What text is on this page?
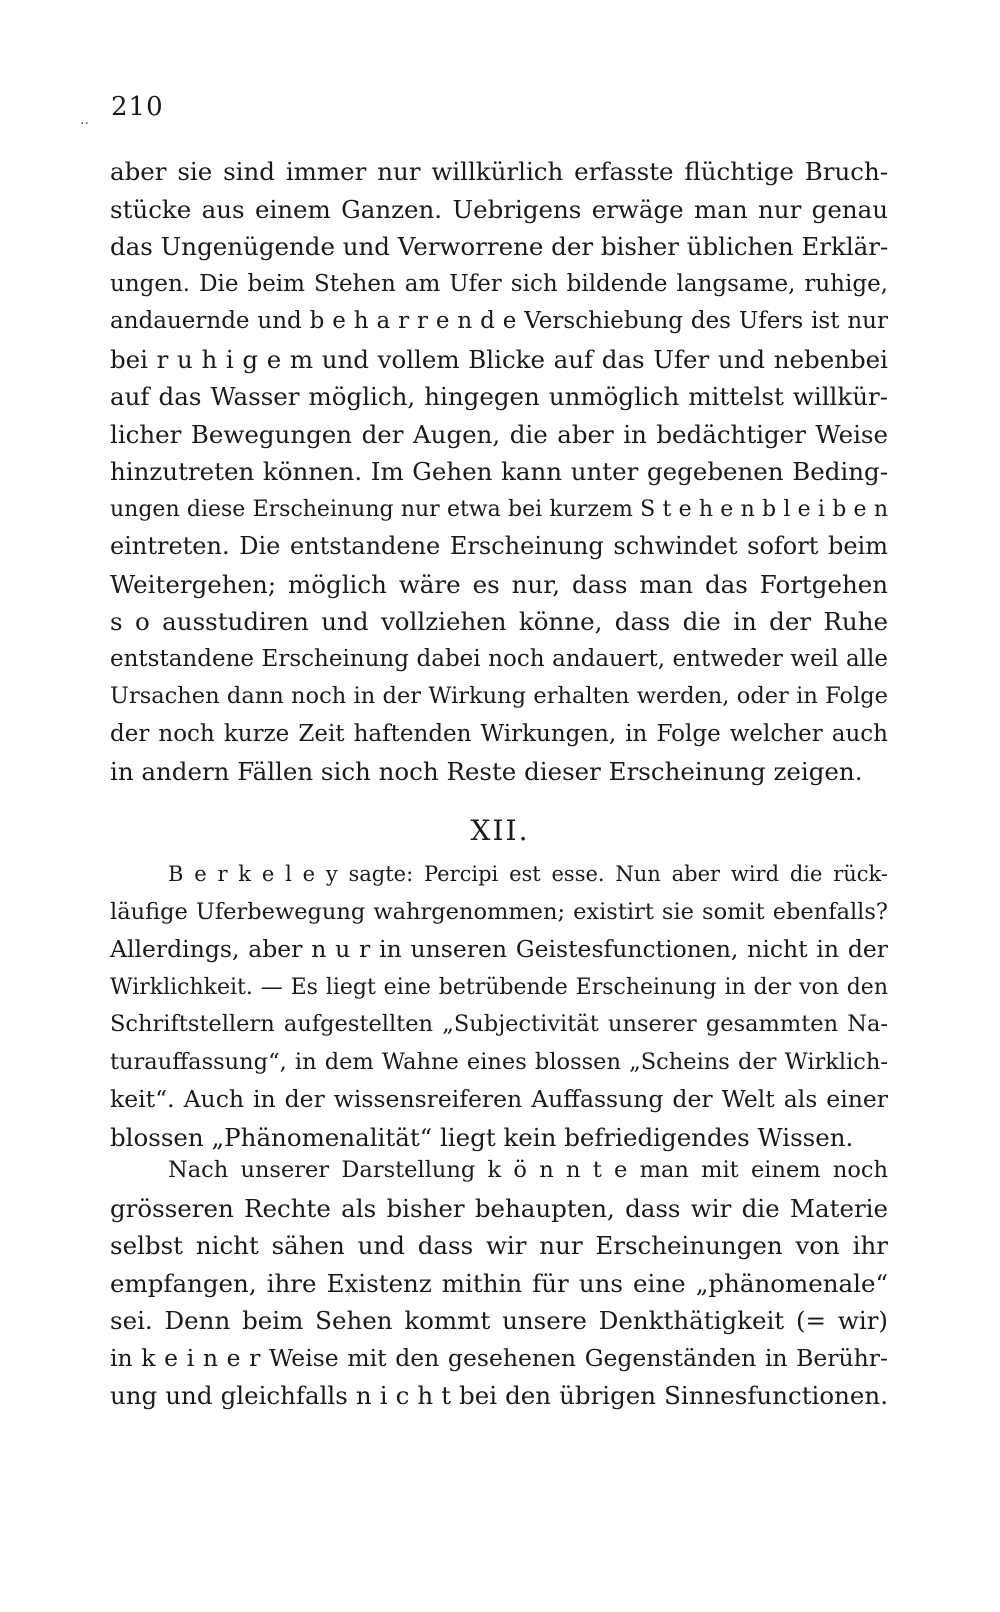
210
..
aber sie sind immer nur willkürlich erfasste flüchtige Bruch-
stücke aus einem Ganzen. Uebrigens erwäge man nur genau
das Ungenügende und Verworrene der bisher üblichen Erklär-
ungen. Die beim Stehen am Ufer sich bildende langsame, ruhige,
andauernde und b e h a r r e n d e Verschiebung des Ufers ist nur
bei r u h i g e m und vollem Blicke auf das Ufer und nebenbei
auf das Wasser möglich, hingegen unmöglich mittelst willkür-
licher Bewegungen der Augen, die aber in bedächtiger Weise
hinzutreten können. Im Gehen kann unter gegebenen Beding-
ungen diese Erscheinung nur etwa bei kurzem S t e h e n b l e i b e n
eintreten. Die entstandene Erscheinung schwindet sofort beim
Weitergehen; möglich wäre es nur, dass man das Fortgehen
s o ausstudiren und vollziehen könne, dass die in der Ruhe
entstandene Erscheinung dabei noch andauert, entweder weil alle
Ursachen dann noch in der Wirkung erhalten werden, oder in Folge
der noch kurze Zeit haftenden Wirkungen, in Folge welcher auch
in andern Fällen sich noch Reste dieser Erscheinung zeigen.
XII.
B e r k e l e y sagte: Percipi est esse. Nun aber wird die rück-
läufige Uferbewegung wahrgenommen; existirt sie somit ebenfalls?
Allerdings, aber n u r in unseren Geistesfunctionen, nicht in der
Wirklichkeit. — Es liegt eine betrübende Erscheinung in der von den
Schriftstellern aufgestellten „Subjectivität unserer gesammten Na-
turauffassung“, in dem Wahne eines blossen „Scheins der Wirklich-
keit“. Auch in der wissensreiferen Auffassung der Welt als einer
blossen „Phänomenalität“ liegt kein befriedigendes Wissen.
Nach unserer Darstellung k ö n n t e man mit einem noch
grösseren Rechte als bisher behaupten, dass wir die Materie
selbst nicht sähen und dass wir nur Erscheinungen von ihr
empfangen, ihre Existenz mithin für uns eine „phänomenale“
sei. Denn beim Sehen kommt unsere Denkthätigkeit (= wir)
in k e i n e r Weise mit den gesehenen Gegenständen in Berühr-
ung und gleichfalls n i c h t bei den übrigen Sinnesfunctionen.
